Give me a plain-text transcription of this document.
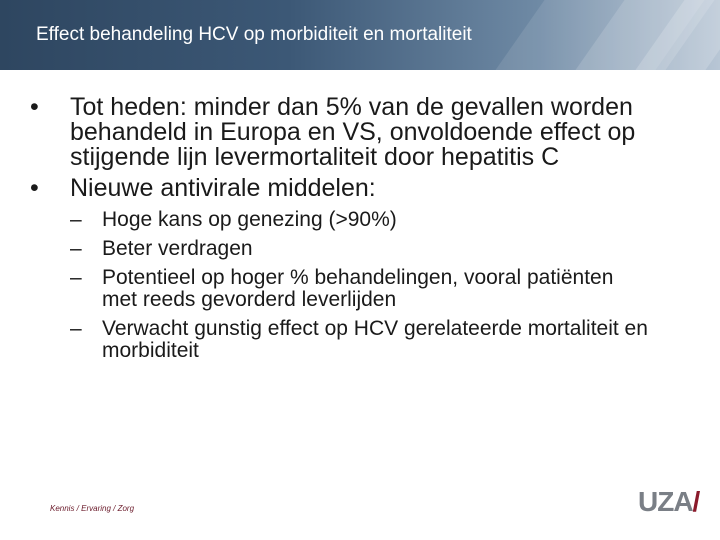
Effect behandeling HCV op morbiditeit en mortaliteit
•	Tot heden: minder dan 5% van de gevallen worden behandeld in Europa en VS, onvoldoende effect op stijgende lijn levermortaliteit door hepatitis C
•	Nieuwe antivirale middelen:
– Hoge kans op genezing (>90%)
– Beter verdragen
– Potentieel op hoger % behandelingen, vooral patiënten met reeds gevorderd leverlijden
– Verwacht gunstig effect op HCV gerelateerde mortaliteit en morbiditeit
Kennis / Ervaring / Zorg	UZA/
